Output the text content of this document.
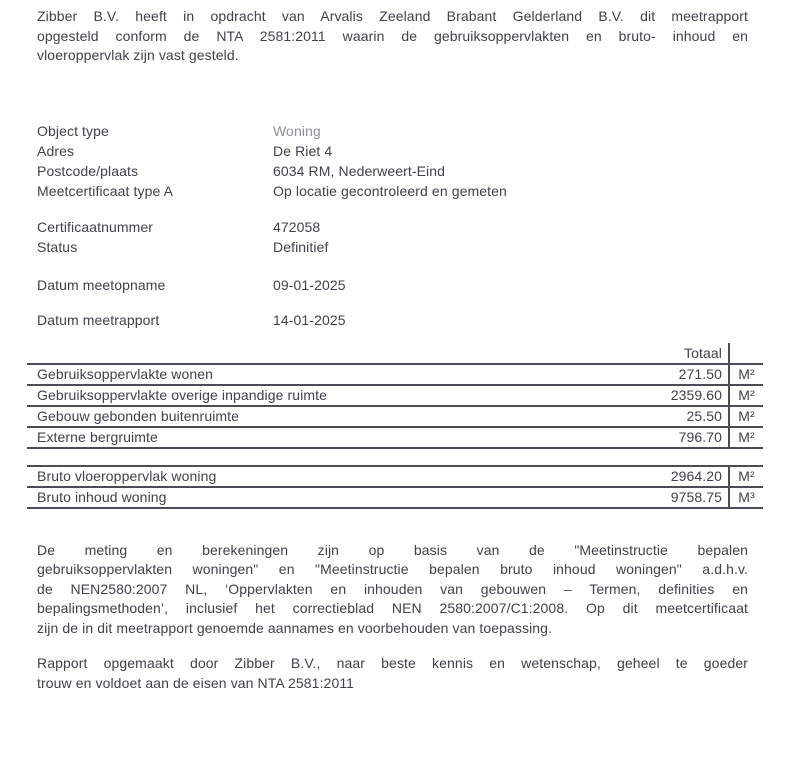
Zibber B.V. heeft in opdracht van Arvalis Zeeland Brabant Gelderland B.V. dit meetrapport
opgesteld conform de NTA 2581:2011 waarin de gebruiksoppervlakten en bruto- inhoud en
vloeroppervlak zijn vast gesteld.
Object type	Woning
Adres	De Riet 4
Postcode/plaats	6034 RM, Nederweert-Eind
Meetcertificaat type A	Op locatie gecontroleerd en gemeten
Certificaatnummer	472058
Status	Definitief
Datum meetopname	09-01-2025
Datum meetrapport	14-01-2025
Totaal
Gebruiksoppervlakte wonen	271.50	M²
Gebruiksoppervlakte overige inpandige ruimte	2359.60	M²
Gebouw gebonden buitenruimte	25.50	M²
Externe bergruimte	796.70	M²
Bruto vloeroppervlak woning	2964.20	M²
Bruto inhoud woning	9758.75	M³
De meting en berekeningen zijn op basis van de "Meetinstructie bepalen
gebruiksoppervlakten woningen" en "Meetinstructie bepalen bruto inhoud woningen" a.d.h.v.
de NEN2580:2007 NL, ‘Oppervlakten en inhouden van gebouwen – Termen, definities en
bepalingsmethoden’, inclusief het correctieblad NEN 2580:2007/C1:2008. Op dit meetcertificaat
zijn de in dit meetrapport genoemde aannames en voorbehouden van toepassing.
Rapport opgemaakt door Zibber B.V., naar beste kennis en wetenschap, geheel te goeder
trouw en voldoet aan de eisen van NTA 2581:2011
